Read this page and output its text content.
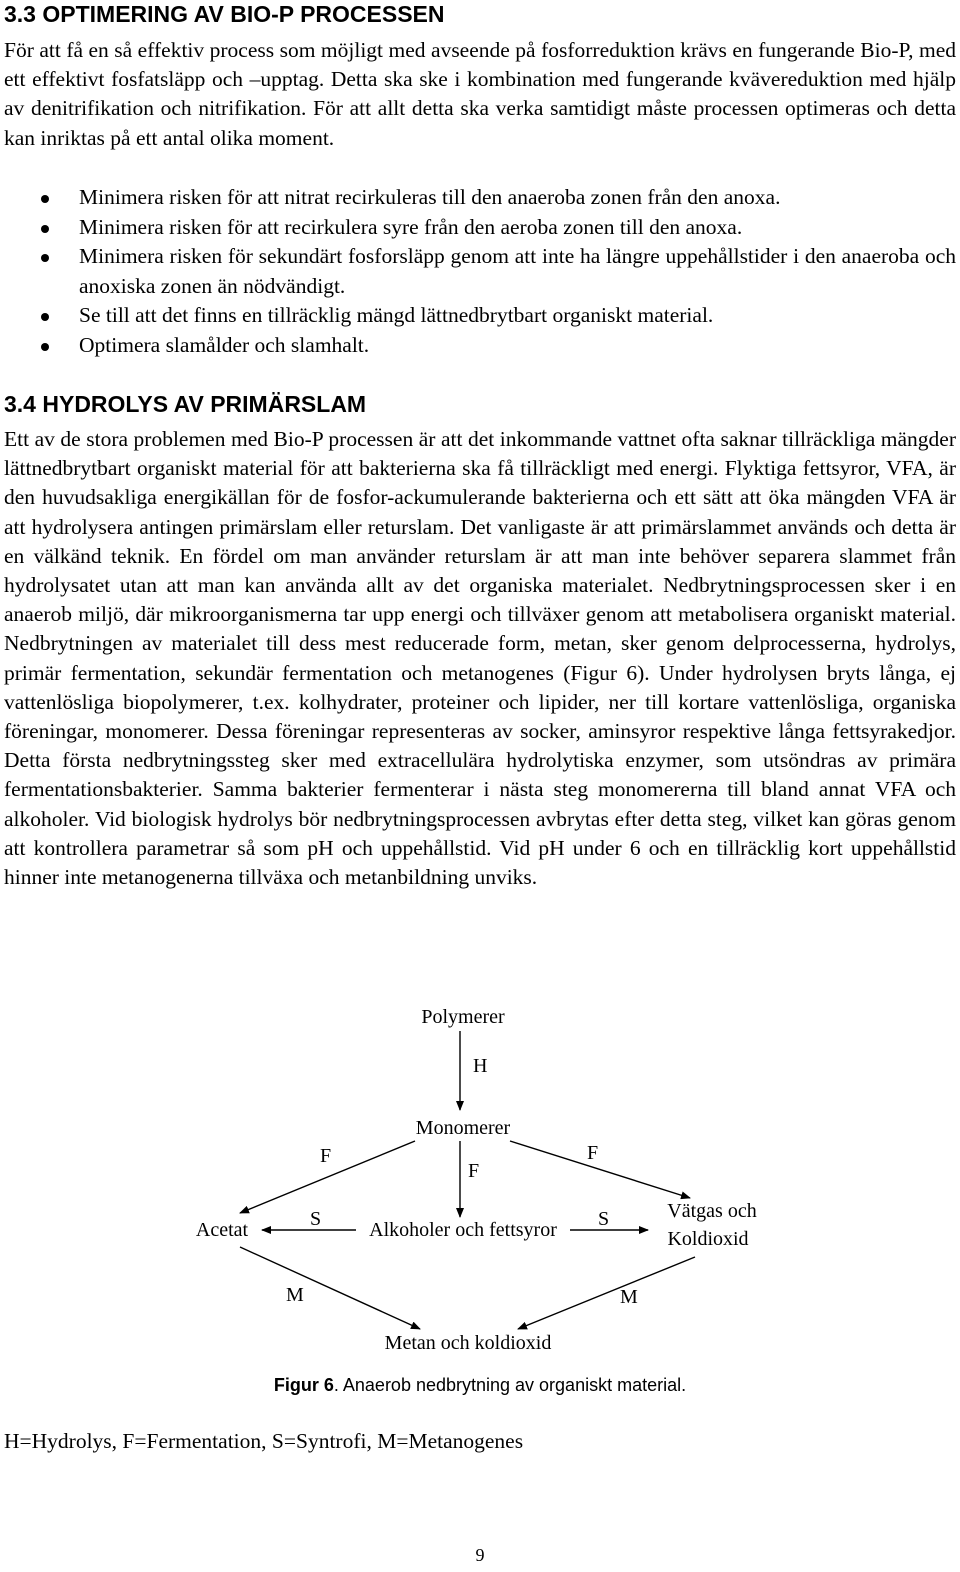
3.3 OPTIMERING AV BIO-P PROCESSEN

För att få en så effektiv process som möjligt med avseende på fosforreduktion krävs en fungerande Bio-P, med ett effektivt fosfatsläpp och –upptag. Detta ska ske i kombination med fungerande kvävereduktion med hjälp av denitrifikation och nitrifikation. För att allt detta ska verka samtidigt måste processen optimeras och detta kan inriktas på ett antal olika moment.

Minimera risken för att nitrat recirkuleras till den anaeroba zonen från den anoxa.
Minimera risken för att recirkulera syre från den aeroba zonen till den anoxa.
Minimera risken för sekundärt fosforsläpp genom att inte ha längre uppehållstider i den anaeroba och anoxiska zonen än nödvändigt.
Se till att det finns en tillräcklig mängd lättnedbrytbart organiskt material.
Optimera slamålder och slamhalt.
3.4 HYDROLYS AV PRIMÄRSLAM

Ett av de stora problemen med Bio-P processen är att det inkommande vattnet ofta saknar tillräckliga mängder lättnedbrytbart organiskt material för att bakterierna ska få tillräckligt med energi. Flyktiga fettsyror, VFA, är den huvudsakliga energikällan för de fosfor-ackumulerande bakterierna och ett sätt att öka mängden VFA är att hydrolysera antingen primärslam eller returslam. Det vanligaste är att primärslammet används och detta är en välkänd teknik. En fördel om man använder returslam är att man inte behöver separera slammet från hydrolysatet utan att man kan använda allt av det organiska materialet. Nedbrytningsprocessen sker i en anaerob miljö, där mikroorganismerna tar upp energi och tillväxer genom att metabolisera organiskt material. Nedbrytningen av materialet till dess mest reducerade form, metan, sker genom delprocesserna, hydrolys, primär fermentation, sekundär fermentation och metanogenes (Figur 6). Under hydrolysen bryts långa, ej vattenlösliga biopolymerer, t.ex. kolhydrater, proteiner och lipider, ner till kortare vattenlösliga, organiska föreningar, monomerer. Dessa föreningar representeras av socker, aminsyror respektive långa fettsyrakedjor. Detta första nedbrytningssteg sker med extracellulära hydrolytiska enzymer, som utsöndras av primära fermentationsbakterier. Samma bakterier fermenterar i nästa steg monomererna till bland annat VFA och alkoholer. Vid biologisk hydrolys bör nedbrytningsprocessen avbrytas efter detta steg, vilket kan göras genom att kontrollera parametrar så som pH och uppehållstid. Vid pH under 6 och en tillräcklig kort uppehållstid hinner inte metanogenerna tillväxa och metanbildning unviks.

Polymerer
Monomerer
Acetat	Alkoholer och fettsyror
Vätgas och
Koldioxid
Metan och koldioxid
H
F
F	F
S	S
M	M
Figur 6. Anaerob nedbrytning av organiskt material.
H=Hydrolys, F=Fermentation, S=Syntrofi, M=Metanogenes
9
